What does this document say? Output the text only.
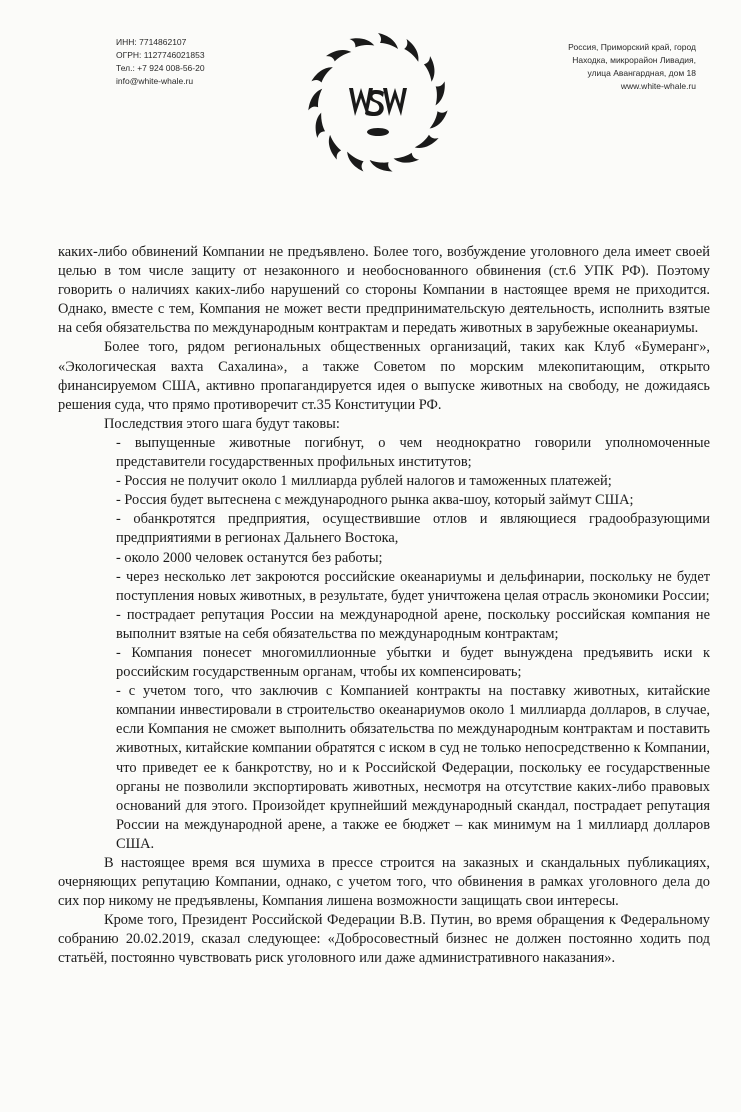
ИНН: 7714862107
ОГРН: 1127746021853
Тел.: +7 924 008-56-20
info@white-whale.ru
Россия, Приморский край, город
Находка, микрорайон Ливадия,
улица Авангардная, дом 18
www.white-whale.ru

каких-либо обвинений Компании не предъявлено. Более того, возбуждение уголовного дела имеет своей целью в том числе защиту от незаконного и необоснованного обвинения (ст.6 УПК РФ). Поэтому говорить о наличиях каких-либо нарушений со стороны Компании в настоящее время не приходится. Однако, вместе с тем, Компания не может вести предпринимательскую деятельность, исполнить взятые на себя обязательства по международным контрактам и передать животных в зарубежные океанариумы.

Более того, рядом региональных общественных организаций, таких как Клуб «Бумеранг», «Экологическая вахта Сахалина», а также Советом по морским млекопитающим, открыто финансируемом США, активно пропагандируется идея о выпуске животных на свободу, не дожидаясь решения суда, что прямо противоречит ст.35 Конституции РФ.

Последствия этого шага будут таковы:

- выпущенные животные погибнут, о чем неоднократно говорили уполномоченные представители государственных профильных институтов;
- Россия не получит около 1 миллиарда рублей налогов и таможенных платежей;
- Россия будет вытеснена с международного рынка аква-шоу, который займут США;
- обанкротятся предприятия, осуществившие отлов и являющиеся градообразующими предприятиями в регионах Дальнего Востока,
- около 2000 человек останутся без работы;
- через несколько лет закроются российские океанариумы и дельфинарии, поскольку не будет поступления новых животных, в результате, будет уничтожена целая отрасль экономики России;
- пострадает репутация России на международной арене, поскольку российская компания не выполнит взятые на себя обязательства по международным контрактам;
- Компания понесет многомиллионные убытки и будет вынуждена предъявить иски к российским государственным органам, чтобы их компенсировать;
- с учетом того, что заключив с Компанией контракты на поставку животных, китайские компании инвестировали в строительство океанариумов около 1 миллиарда долларов, в случае, если Компания не сможет выполнить обязательства по международным контрактам и поставить животных, китайские компании обратятся с иском в суд не только непосредственно к Компании, что приведет ее к банкротству, но и к Российской Федерации, поскольку ее государственные органы не позволили экспортировать животных, несмотря на отсутствие каких-либо правовых оснований для этого. Произойдет крупнейший международный скандал, пострадает репутация России на международной арене, а также ее бюджет – как минимум на 1 миллиард долларов США.

В настоящее время вся шумиха в прессе строится на заказных и скандальных публикациях, очерняющих репутацию Компании, однако, с учетом того, что обвинения в рамках уголовного дела до сих пор никому не предъявлены, Компания лишена возможности защищать свои интересы.

Кроме того, Президент Российской Федерации В.В. Путин, во время обращения к Федеральному собранию 20.02.2019, сказал следующее: «Добросовестный бизнес не должен постоянно ходить под статьёй, постоянно чувствовать риск уголовного или даже административного наказания».
